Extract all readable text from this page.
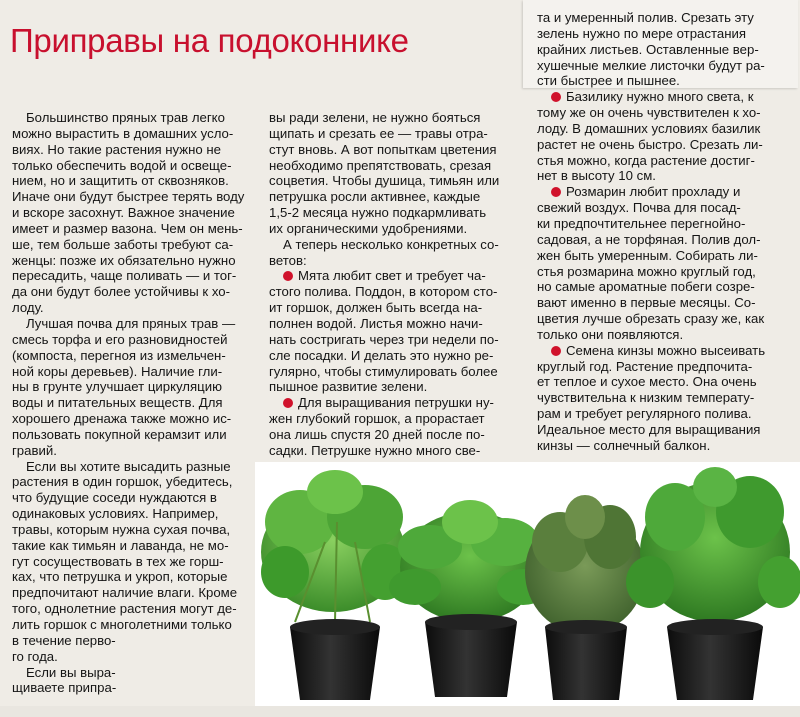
Приправы на подоконнике

Большинство пряных трав легко
можно вырастить в домашних усло-
виях. Но такие растения нужно не
только обеспечить водой и освеще-
нием, но и защитить от сквозняков.
Иначе они будут быстрее терять воду
и вскоре засохнут. Важное значение
имеет и размер вазона. Чем он мень-
ше, тем больше заботы требуют са-
женцы: позже их обязательно нужно
пересадить, чаще поливать — и тог-
да они будут более устойчивы к хо-
лоду.

Лучшая почва для пряных трав —
смесь торфа и его разновидностей
(компоста, перегноя из измельчен-
ной коры деревьев). Наличие гли-
ны в грунте улучшает циркуляцию
воды и питательных веществ. Для
хорошего дренажа также можно ис-
пользовать покупной керамзит или
гравий.

Если вы хотите высадить разные
растения в один горшок, убедитесь,
что будущие соседи нуждаются в
одинаковых условиях. Например,
травы, которым нужна сухая почва,
такие как тимьян и лаванда, не мо-
гут сосуществовать в тех же горш-
ках, что петрушка и укроп, которые
предпочитают наличие влаги. Кроме
того, однолетние растения могут де-
лить горшок с многолетними только
в течение перво-
го года.

Если вы выра-
щиваете припра-

вы ради зелени, не нужно бояться
щипать и срезать ее — травы отра-
стут вновь. А вот попыткам цветения
необходимо препятствовать, срезая
соцветия. Чтобы душица, тимьян или
петрушка росли активнее, каждые
1,5-2 месяца нужно подкармливать
их органическими удобрениями.

А теперь несколько конкретных со-
ветов:

Мята любит свет и требует ча-
стого полива. Поддон, в котором сто-
ит горшок, должен быть всегда на-
полнен водой. Листья можно начи-
нать состригать через три недели по-
сле посадки. И делать это нужно ре-
гулярно, чтобы стимулировать более
пышное развитие зелени.

Для выращивания петрушки ну-
жен глубокий горшок, а прорастает
она лишь спустя 20 дней после по-
садки. Петрушке нужно много све-

та и умеренный полив. Срезать эту
зелень нужно по мере отрастания
крайних листьев. Оставленные вер-
хушечные мелкие листочки будут ра-
сти быстрее и пышнее.

Базилику нужно много света, к
тому же он очень чувствителен к хо-
лоду. В домашних условиях базилик
растет не очень быстро. Срезать ли-
стья можно, когда растение достиг-
нет в высоту 10 см.

Розмарин любит прохладу и
свежий воздух. Почва для посад-
ки предпочтительнее перегнойно-
садовая, а не торфяная. Полив дол-
жен быть умеренным. Собирать ли-
стья розмарина можно круглый год,
но самые ароматные побеги созре-
вают именно в первые месяцы. Со-
цветия лучше обрезать сразу же, как
только они появляются.

Семена кинзы можно высеивать
круглый год. Растение предпочита-
ет теплое и сухое место. Она очень
чувствительна к низким температу-
рам и требует регулярного полива.
Идеальное место для выращивания
кинзы — солнечный балкон.
